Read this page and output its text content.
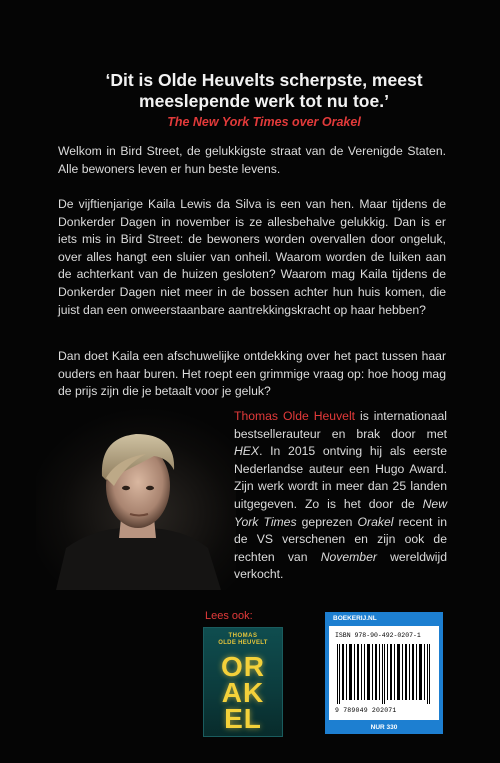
‘Dit is Olde Heuvelts scherpste, meest
meeslepende werk tot nu toe.’

The New York Times over Orakel

Welkom in Bird Street, de gelukkigste straat van de Verenigde Staten. Alle bewoners leven er hun beste levens.

De vijftienjarige Kaila Lewis da Silva is een van hen. Maar tijdens de Donkerder Dagen in november is ze allesbehalve gelukkig. Dan is er iets mis in Bird Street: de bewoners worden overvallen door ongeluk, over alles hangt een sluier van onheil. Waarom worden de luiken aan de achterkant van de huizen gesloten? Waarom mag Kaila tijdens de Donkerder Dagen niet meer in de bossen achter hun huis komen, die juist dan een onweerstaanbare aantrekkingskracht op haar hebben?

Dan doet Kaila een afschuwelijke ontdekking over het pact tussen haar ouders en haar buren. Het roept een grimmige vraag op: hoe hoog mag de prijs zijn die je betaalt voor je geluk?

Thomas Olde Heuvelt is internationaal bestsellerauteur en brak door met HEX. In 2015 ontving hij als eerste Nederlandse auteur een Hugo Award. Zijn werk wordt in meer dan 25 landen uitgegeven. Zo is het door de New York Times geprezen Orakel recent in de VS verschenen en zijn ook de rechten van November wereldwijd verkocht.

Lees ook:
THOMAS
OLDE HEUVELT
OR
AK
EL
BOEKERIJ.NL
ISBN 978-90-492-0207-1
9 789049 202071
NUR 330
